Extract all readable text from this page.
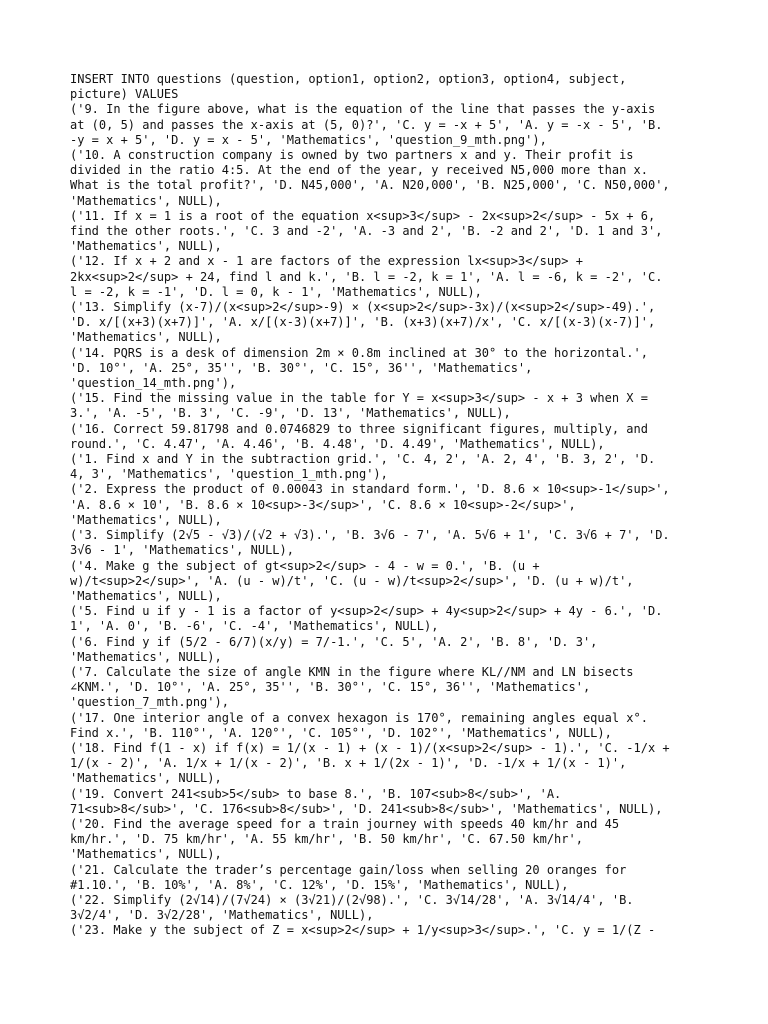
INSERT INTO questions (question, option1, option2, option3, option4, subject,
picture) VALUES
('9. In the figure above, what is the equation of the line that passes the y-axis
at (0, 5) and passes the x-axis at (5, 0)?', 'C. y = -x + 5', 'A. y = -x - 5', 'B.
-y = x + 5', 'D. y = x - 5', 'Mathematics', 'question_9_mth.png'),
('10. A construction company is owned by two partners x and y. Their profit is
divided in the ratio 4:5. At the end of the year, y received N5,000 more than x.
What is the total profit?', 'D. N45,000', 'A. N20,000', 'B. N25,000', 'C. N50,000',
'Mathematics', NULL),
('11. If x = 1 is a root of the equation x<sup>3</sup> - 2x<sup>2</sup> - 5x + 6,
find the other roots.', 'C. 3 and -2', 'A. -3 and 2', 'B. -2 and 2', 'D. 1 and 3',
'Mathematics', NULL),
('12. If x + 2 and x - 1 are factors of the expression lx<sup>3</sup> +
2kx<sup>2</sup> + 24, find l and k.', 'B. l = -2, k = 1', 'A. l = -6, k = -2', 'C.
l = -2, k = -1', 'D. l = 0, k - 1', 'Mathematics', NULL),
('13. Simplify (x-7)/(x<sup>2</sup>-9) × (x<sup>2</sup>-3x)/(x<sup>2</sup>-49).',
'D. x/[(x+3)(x+7)]', 'A. x/[(x-3)(x+7)]', 'B. (x+3)(x+7)/x', 'C. x/[(x-3)(x-7)]',
'Mathematics', NULL),
('14. PQRS is a desk of dimension 2m × 0.8m inclined at 30° to the horizontal.',
'D. 10°', 'A. 25°, 35'', 'B. 30°', 'C. 15°, 36'', 'Mathematics',
'question_14_mth.png'),
('15. Find the missing value in the table for Y = x<sup>3</sup> - x + 3 when X =
3.', 'A. -5', 'B. 3', 'C. -9', 'D. 13', 'Mathematics', NULL),
('16. Correct 59.81798 and 0.0746829 to three significant figures, multiply, and
round.', 'C. 4.47', 'A. 4.46', 'B. 4.48', 'D. 4.49', 'Mathematics', NULL),
('1. Find x and Y in the subtraction grid.', 'C. 4, 2', 'A. 2, 4', 'B. 3, 2', 'D.
4, 3', 'Mathematics', 'question_1_mth.png'),
('2. Express the product of 0.00043 in standard form.', 'D. 8.6 × 10<sup>-1</sup>',
'A. 8.6 × 10', 'B. 8.6 × 10<sup>-3</sup>', 'C. 8.6 × 10<sup>-2</sup>',
'Mathematics', NULL),
('3. Simplify (2√5 - √3)/(√2 + √3).', 'B. 3√6 - 7', 'A. 5√6 + 1', 'C. 3√6 + 7', 'D.
3√6 - 1', 'Mathematics', NULL),
('4. Make g the subject of gt<sup>2</sup> - 4 - w = 0.', 'B. (u +
w)/t<sup>2</sup>', 'A. (u - w)/t', 'C. (u - w)/t<sup>2</sup>', 'D. (u + w)/t',
'Mathematics', NULL),
('5. Find u if y - 1 is a factor of y<sup>2</sup> + 4y<sup>2</sup> + 4y - 6.', 'D.
1', 'A. 0', 'B. -6', 'C. -4', 'Mathematics', NULL),
('6. Find y if (5/2 - 6/7)(x/y) = 7/-1.', 'C. 5', 'A. 2', 'B. 8', 'D. 3',
'Mathematics', NULL),
('7. Calculate the size of angle KMN in the figure where KL//NM and LN bisects
∠KNM.', 'D. 10°', 'A. 25°, 35'', 'B. 30°', 'C. 15°, 36'', 'Mathematics',
'question_7_mth.png'),
('17. One interior angle of a convex hexagon is 170°, remaining angles equal x°.
Find x.', 'B. 110°', 'A. 120°', 'C. 105°', 'D. 102°', 'Mathematics', NULL),
('18. Find f(1 - x) if f(x) = 1/(x - 1) + (x - 1)/(x<sup>2</sup> - 1).', 'C. -1/x +
1/(x - 2)', 'A. 1/x + 1/(x - 2)', 'B. x + 1/(2x - 1)', 'D. -1/x + 1/(x - 1)',
'Mathematics', NULL),
('19. Convert 241<sub>5</sub> to base 8.', 'B. 107<sub>8</sub>', 'A.
71<sub>8</sub>', 'C. 176<sub>8</sub>', 'D. 241<sub>8</sub>', 'Mathematics', NULL),
('20. Find the average speed for a train journey with speeds 40 km/hr and 45
km/hr.', 'D. 75 km/hr', 'A. 55 km/hr', 'B. 50 km/hr', 'C. 67.50 km/hr',
'Mathematics', NULL),
('21. Calculate the trader’s percentage gain/loss when selling 20 oranges for
#1.10.', 'B. 10%', 'A. 8%', 'C. 12%', 'D. 15%', 'Mathematics', NULL),
('22. Simplify (2√14)/(7√24) × (3√21)/(2√98).', 'C. 3√14/28', 'A. 3√14/4', 'B.
3√2/4', 'D. 3√2/28', 'Mathematics', NULL),
('23. Make y the subject of Z = x<sup>2</sup> + 1/y<sup>3</sup>.', 'C. y = 1/(Z -
